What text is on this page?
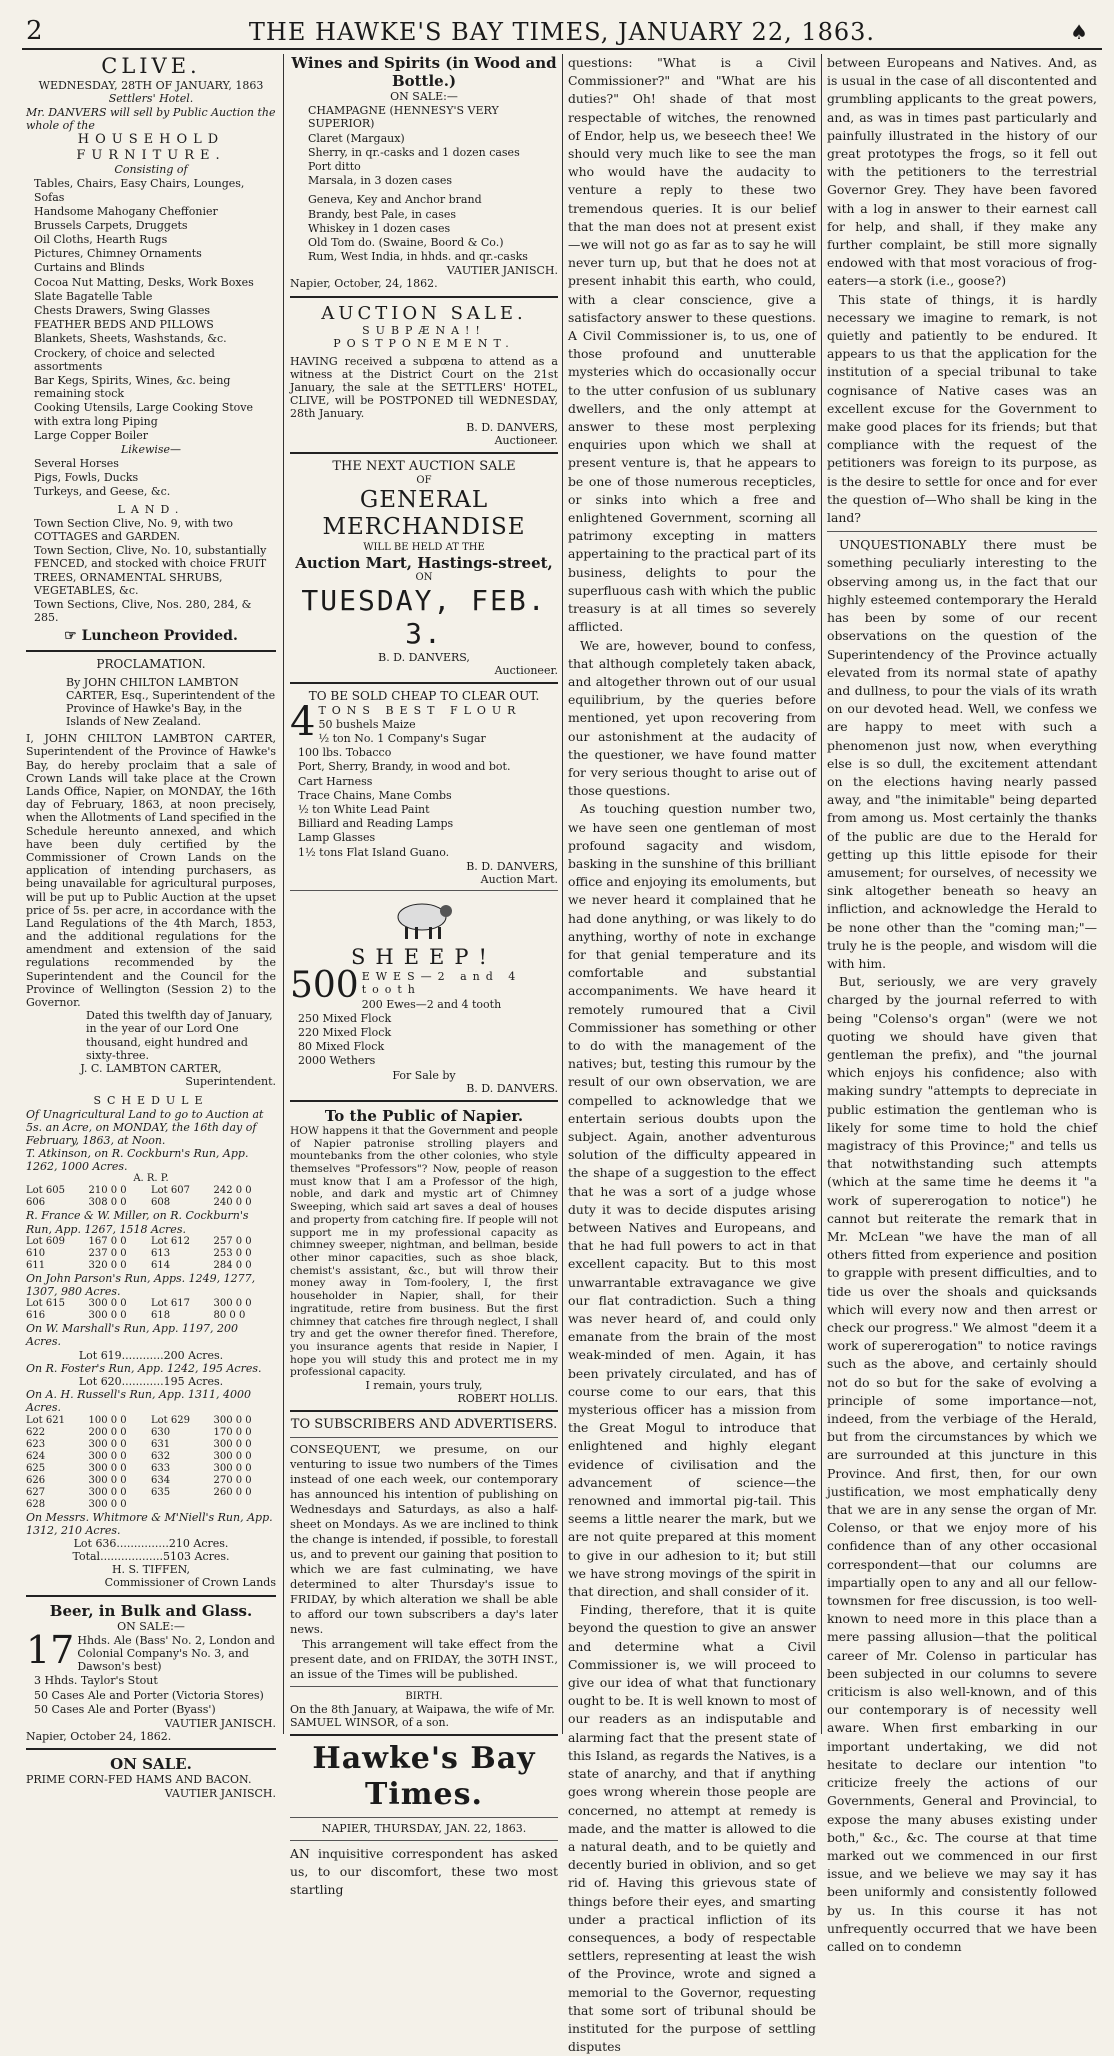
2	THE HAWKE'S BAY TIMES, JANUARY 22, 1863.	♠
CLIVE.
WEDNESDAY, 28TH OF JANUARY, 1863
Settlers' Hotel.
Mr. DANVERS will sell by Public Auction the whole of the
HOUSEHOLD FURNITURE.
Consisting of
Tables, Chairs, Easy Chairs, Lounges, Sofas
Handsome Mahogany Cheffonier
Brussels Carpets, Druggets
Oil Cloths, Hearth Rugs
Pictures, Chimney Ornaments
Curtains and Blinds
Cocoa Nut Matting, Desks, Work Boxes
Slate Bagatelle Table
Chests Drawers, Swing Glasses
FEATHER BEDS AND PILLOWS
Blankets, Sheets, Washstands, &c.
Crockery, of choice and selected assortments
Bar Kegs, Spirits, Wines, &c. being remaining stock
Cooking Utensils, Large Cooking Stove with extra long Piping
Large Copper Boiler
Likewise—
Several Horses
Pigs, Fowls, Ducks
Turkeys, and Geese, &c.
LAND.
Town Section Clive, No. 9, with two COTTAGES and GARDEN.
Town Section, Clive, No. 10, substantially FENCED, and stocked with choice FRUIT TREES, ORNAMENTAL SHRUBS, VEGETABLES, &c.
Town Sections, Clive, Nos. 280, 284, & 285.
☞ Luncheon Provided.
PROCLAMATION.
By JOHN CHILTON LAMBTON CARTER, Esq., Superintendent of the Province of Hawke's Bay, in the Islands of New Zealand.

I, JOHN CHILTON LAMBTON CARTER, Superintendent of the Province of Hawke's Bay, do hereby proclaim that a sale of Crown Lands will take place at the Crown Lands Office, Napier, on MONDAY, the 16th day of February, 1863, at noon precisely, when the Allotments of Land specified in the Schedule hereunto annexed, and which have been duly certified by the Commissioner of Crown Lands on the application of intending purchasers, as being unavailable for agricultural purposes, will be put up to Public Auction at the upset price of 5s. per acre, in accordance with the Land Regulations of the 4th March, 1853, and the additional regulations for the amendment and extension of the said regulations recommended by the Superintendent and the Council for the Province of Wellington (Session 2) to the Governor.

Dated this twelfth day of January, in the year of our Lord One thousand, eight hundred and sixty-three.
J. C. LAMBTON CARTER,
Superintendent.
SCHEDULE
Of Unagricultural Land to go to Auction at 5s. an Acre, on MONDAY, the 16th day of February, 1863, at Noon.
T. Atkinson, on R. Cockburn's Run, App. 1262, 1000 Acres.
A. R. P.
Lot 605	210 0 0	Lot 607	242 0 0
606	308 0 0	608	240 0 0
R. France & W. Miller, on R. Cockburn's Run, App. 1267, 1518 Acres.
Lot 609	167 0 0	Lot 612	257 0 0
610	237 0 0	613	253 0 0
611	320 0 0	614	284 0 0
On John Parson's Run, Apps. 1249, 1277, 1307, 980 Acres.
Lot 615	300 0 0	Lot 617	300 0 0
616	300 0 0	618	80 0 0
On W. Marshall's Run, App. 1197, 200 Acres.
Lot 619............200 Acres.
On R. Foster's Run, App. 1242, 195 Acres.
Lot 620............195 Acres.
On A. H. Russell's Run, App. 1311, 4000 Acres.
Lot 621	100 0 0	Lot 629	300 0 0
622	200 0 0	630	170 0 0
623	300 0 0	631	300 0 0
624	300 0 0	632	300 0 0
625	300 0 0	633	300 0 0
626	300 0 0	634	270 0 0
627	300 0 0	635	260 0 0
628	300 0 0
On Messrs. Whitmore & M'Niell's Run, App. 1312, 210 Acres.
Lot 636...............210 Acres.
Total..................5103 Acres.
H. S. TIFFEN,
Commissioner of Crown Lands
Beer, in Bulk and Glass.
ON SALE:—
17 Hhds. Ale (Bass' No. 2, London and Colonial Company's No. 3, and Dawson's best)
3 Hhds. Taylor's Stout
50 Cases Ale and Porter (Victoria Stores)
50 Cases Ale and Porter (Byass')
VAUTIER JANISCH.
Napier, October 24, 1862.
ON SALE.
PRIME CORN-FED HAMS AND BACON.
VAUTIER JANISCH.
Wines and Spirits (in Wood and Bottle.)
ON SALE:—
CHAMPAGNE (HENNESY'S VERY SUPERIOR)
Claret (Margaux)
Sherry, in qr.-casks and 1 dozen cases
Port ditto
Marsala, in 3 dozen cases
Geneva, Key and Anchor brand
Brandy, best Pale, in cases
Whiskey in 1 dozen cases
Old Tom do. (Swaine, Boord & Co.)
Rum, West India, in hhds. and qr.-casks
VAUTIER JANISCH.
Napier, October, 24, 1862.
AUCTION SALE.
SUBPÆNA!!
POSTPONEMENT.

HAVING received a subpœna to attend as a witness at the District Court on the 21st January, the sale at the SETTLERS' HOTEL, CLIVE, will be POSTPONED till WEDNESDAY, 28th January.

B. D. DANVERS,
Auctioneer.
THE NEXT AUCTION SALE
OF
GENERAL MERCHANDISE
WILL BE HELD AT THE
Auction Mart, Hastings-street,
ON
TUESDAY, FEB. 3.
B. D. DANVERS,
Auctioneer.
TO BE SOLD CHEAP TO CLEAR OUT.
4 TONS BEST FLOUR
50 bushels Maize
½ ton No. 1 Company's Sugar
100 lbs. Tobacco
Port, Sherry, Brandy, in wood and bot.
Cart Harness
Trace Chains, Mane Combs
½ ton White Lead Paint
Billiard and Reading Lamps
Lamp Glasses
1½ tons Flat Island Guano.
B. D. DANVERS,
Auction Mart.
SHEEP!
500 EWES—2 and 4 tooth
200 Ewes—2 and 4 tooth
250 Mixed Flock
220 Mixed Flock
80 Mixed Flock
2000 Wethers
For Sale by
B. D. DANVERS.
To the Public of Napier.

HOW happens it that the Government and people of Napier patronise strolling players and mountebanks from the other colonies, who style themselves "Professors"? Now, people of reason must know that I am a Professor of the high, noble, and dark and mystic art of Chimney Sweeping, which said art saves a deal of houses and property from catching fire. If people will not support me in my professional capacity as chimney sweeper, nightman, and bellman, beside other minor capacities, such as shoe black, chemist's assistant, &c., but will throw their money away in Tom-foolery, I, the first householder in Napier, shall, for their ingratitude, retire from business. But the first chimney that catches fire through neglect, I shall try and get the owner therefor fined. Therefore, you insurance agents that reside in Napier, I hope you will study this and protect me in my professional capacity.

I remain, yours truly,
ROBERT HOLLIS.
TO SUBSCRIBERS AND ADVERTISERS.

CONSEQUENT, we presume, on our venturing to issue two numbers of the Times instead of one each week, our contemporary has announced his intention of publishing on Wednesdays and Saturdays, as also a half-sheet on Mondays. As we are inclined to think the change is intended, if possible, to forestall us, and to prevent our gaining that position to which we are fast culminating, we have determined to alter Thursday's issue to FRIDAY, by which alteration we shall be able to afford our town subscribers a day's later news.

This arrangement will take effect from the present date, and on FRIDAY, the 30TH INST., an issue of the Times will be published.

BIRTH.
On the 8th January, at Waipawa, the wife of Mr. SAMUEL WINSOR, of a son.
Hawke's Bay Times.
NAPIER, THURSDAY, JAN. 22, 1863.

AN inquisitive correspondent has asked us, to our discomfort, these two most startling

questions: "What is a Civil Commissioner?" and "What are his duties?" Oh! shade of that most respectable of witches, the renowned of Endor, help us, we beseech thee! We should very much like to see the man who would have the audacity to venture a reply to these two tremendous queries. It is our belief that the man does not at present exist—we will not go as far as to say he will never turn up, but that he does not at present inhabit this earth, who could, with a clear conscience, give a satisfactory answer to these questions. A Civil Commissioner is, to us, one of those profound and unutterable mysteries which do occasionally occur to the utter confusion of us sublunary dwellers, and the only attempt at answer to these most perplexing enquiries upon which we shall at present venture is, that he appears to be one of those numerous recepticles, or sinks into which a free and enlightened Government, scorning all patrimony excepting in matters appertaining to the practical part of its business, delights to pour the superfluous cash with which the public treasury is at all times so severely afflicted.

We are, however, bound to confess, that although completely taken aback, and altogether thrown out of our usual equilibrium, by the queries before mentioned, yet upon recovering from our astonishment at the audacity of the questioner, we have found matter for very serious thought to arise out of those questions.

As touching question number two, we have seen one gentleman of most profound sagacity and wisdom, basking in the sunshine of this brilliant office and enjoying its emoluments, but we never heard it complained that he had done anything, or was likely to do anything, worthy of note in exchange for that genial temperature and its comfortable and substantial accompaniments. We have heard it remotely rumoured that a Civil Commissioner has something or other to do with the management of the natives; but, testing this rumour by the result of our own observation, we are compelled to acknowledge that we entertain serious doubts upon the subject. Again, another adventurous solution of the difficulty appeared in the shape of a suggestion to the effect that he was a sort of a judge whose duty it was to decide disputes arising between Natives and Europeans, and that he had full powers to act in that excellent capacity. But to this most unwarrantable extravagance we give our flat contradiction. Such a thing was never heard of, and could only emanate from the brain of the most weak-minded of men. Again, it has been privately circulated, and has of course come to our ears, that this mysterious officer has a mission from the Great Mogul to introduce that enlightened and highly elegant evidence of civilisation and the advancement of science—the renowned and immortal pig-tail. This seems a little nearer the mark, but we are not quite prepared at this moment to give in our adhesion to it; but still we have strong movings of the spirit in that direction, and shall consider of it.

Finding, therefore, that it is quite beyond the question to give an answer and determine what a Civil Commissioner is, we will proceed to give our idea of what that functionary ought to be. It is well known to most of our readers as an indisputable and alarming fact that the present state of this Island, as regards the Natives, is a state of anarchy, and that if anything goes wrong wherein those people are concerned, no attempt at remedy is made, and the matter is allowed to die a natural death, and to be quietly and decently buried in oblivion, and so get rid of. Having this grievous state of things before their eyes, and smarting under a practical infliction of its consequences, a body of respectable settlers, representing at least the wish of the Province, wrote and signed a memorial to the Governor, requesting that some sort of tribunal should be instituted for the purpose of settling disputes

between Europeans and Natives. And, as is usual in the case of all discontented and grumbling applicants to the great powers, and, as was in times past particularly and painfully illustrated in the history of our great prototypes the frogs, so it fell out with the petitioners to the terrestrial Governor Grey. They have been favored with a log in answer to their earnest call for help, and shall, if they make any further complaint, be still more signally endowed with that most voracious of frog-eaters—a stork (i.e., goose?)

This state of things, it is hardly necessary we imagine to remark, is not quietly and patiently to be endured. It appears to us that the application for the institution of a special tribunal to take cognisance of Native cases was an excellent excuse for the Government to make good places for its friends; but that compliance with the request of the petitioners was foreign to its purpose, as is the desire to settle for once and for ever the question of—Who shall be king in the land?

UNQUESTIONABLY there must be something peculiarly interesting to the observing among us, in the fact that our highly esteemed contemporary the Herald has been by some of our recent observations on the question of the Superintendency of the Province actually elevated from its normal state of apathy and dullness, to pour the vials of its wrath on our devoted head. Well, we confess we are happy to meet with such a phenomenon just now, when everything else is so dull, the excitement attendant on the elections having nearly passed away, and "the inimitable" being departed from among us. Most certainly the thanks of the public are due to the Herald for getting up this little episode for their amusement; for ourselves, of necessity we sink altogether beneath so heavy an infliction, and acknowledge the Herald to be none other than the "coming man;"—truly he is the people, and wisdom will die with him.

But, seriously, we are very gravely charged by the journal referred to with being "Colenso's organ" (were we not quoting we should have given that gentleman the prefix), and "the journal which enjoys his confidence; also with making sundry "attempts to depreciate in public estimation the gentleman who is likely for some time to hold the chief magistracy of this Province;" and tells us that notwithstanding such attempts (which at the same time he deems it "a work of supererogation to notice") he cannot but reiterate the remark that in Mr. McLean "we have the man of all others fitted from experience and position to grapple with present difficulties, and to tide us over the shoals and quicksands which will every now and then arrest or check our progress." We almost "deem it a work of supererogation" to notice ravings such as the above, and certainly should not do so but for the sake of evolving a principle of some importance—not, indeed, from the verbiage of the Herald, but from the circumstances by which we are surrounded at this juncture in this Province. And first, then, for our own justification, we most emphatically deny that we are in any sense the organ of Mr. Colenso, or that we enjoy more of his confidence than of any other occasional correspondent—that our columns are impartially open to any and all our fellow-townsmen for free discussion, is too well-known to need more in this place than a mere passing allusion—that the political career of Mr. Colenso in particular has been subjected in our columns to severe criticism is also well-known, and of this our contemporary is of necessity well aware. When first embarking in our important undertaking, we did not hesitate to declare our intention "to criticize freely the actions of our Governments, General and Provincial, to expose the many abuses existing under both," &c., &c. The course at that time marked out we commenced in our first issue, and we believe we may say it has been uniformly and consistently followed by us. In this course it has not unfrequently occurred that we have been called on to condemn
